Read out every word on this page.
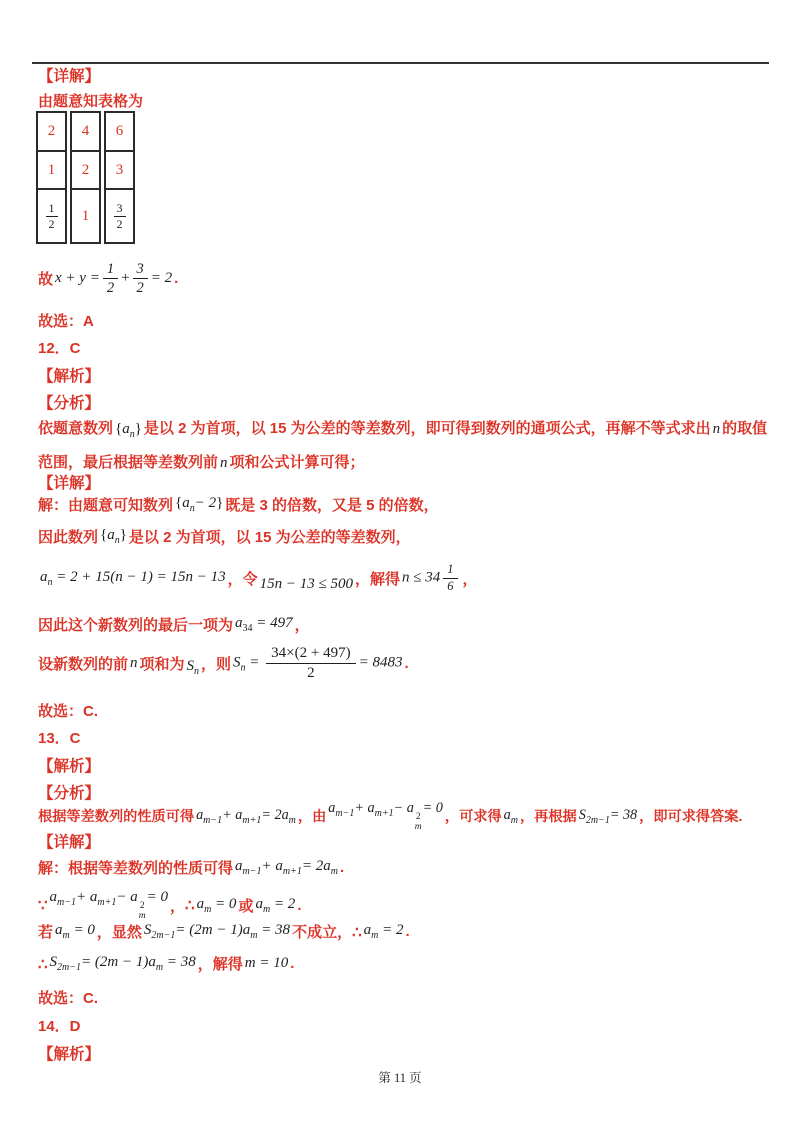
【详解】
由题意知表格为
2
1
$\frac{1}{2}$
4
2
1
6
3
$\frac{3}{2}$
故 $x + y = \frac{1}{2} + \frac{3}{2} = 2$ .
故选：A
12．C
【解析】
【分析】
依题意数列 $\{a_n\}$ 是以 2 为首项，以 15 为公差的等差数列，即可得到数列的通项公式，再解不等式求出 n 的取值范围，最后根据等差数列前 n 项和公式计算可得；
【详解】
解：由题意可知数列 $\{a_n- 2\}$ 既是 3 的倍数，又是 5 的倍数，
因此数列 $\{a_n\}$ 是以 2 为首项，以 15 为公差的等差数列，
$a_n = 2 + 15(n - 1) = 15n - 13$ ， 令 15n − 13 ≤ 500 ， 解得 $n \le 34 \frac{1}{6}$ ，
因此这个新数列的最后一项为 $a_{34} = 497$ ，
设新数列的前 n 项和为 $S_n$ ，则 $S_n = \frac{34\times(2 + 497)}{2} = 8483$ .
故选：C.
13．C
【解析】
【分析】
根据等差数列的性质可得 $a_{m-1}+ a_{m+1}= 2a_m$ ，由
$a_{m-1}+ a_{m+1}- a$
2
m
= 0
，可求得 $a_m$ ，再根据 $S_{2m-1}= 38$ ，即可求得答案.
【详解】
解：根据等差数列的性质可得 $a_{m-1}+ a_{m+1}= 2a_m$ .
∵
$a_{m-1}+ a_{m+1}- a$
2
m
= 0
， ∴ $a_m = 0$ 或 $a_m = 2$ .
若 $a_m = 0$ ，显然 $S_{2m-1}= (2m - 1)a_m = 38$ 不成立， ∴ $a_m = 2$ .
∴ $S_{2m-1}= (2m - 1)a_m = 38$ ，解得 m = 10 .
故选：C.
14．D
【解析】
第 11 页
